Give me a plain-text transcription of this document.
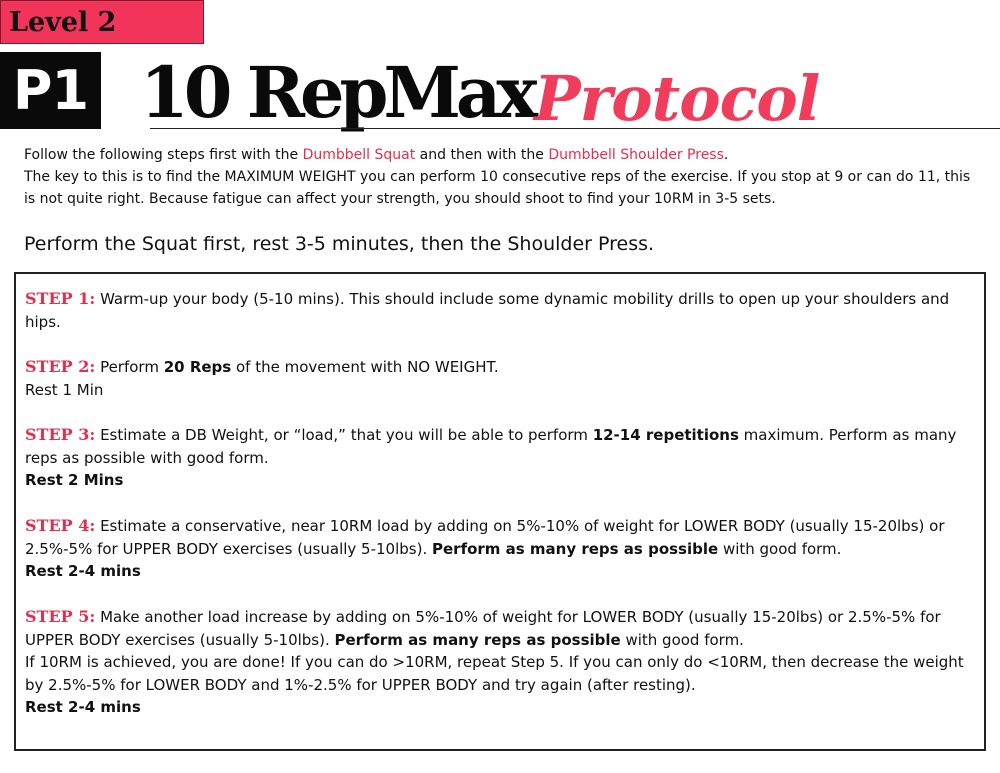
Level 2
P1 10 RepMax Protocol
Follow the following steps first with the Dumbbell Squat and then with the Dumbbell Shoulder Press.
The key to this is to find the MAXIMUM WEIGHT you can perform 10 consecutive reps of the exercise. If you stop at 9 or can do 11, this is not quite right. Because fatigue can affect your strength, you should shoot to find your 10RM in 3-5 sets.
Perform the Squat first, rest 3-5 minutes, then the Shoulder Press.
STEP 1: Warm-up your body (5-10 mins). This should include some dynamic mobility drills to open up your shoulders and hips.
STEP 2: Perform 20 Reps of the movement with NO WEIGHT.
Rest 1 Min
STEP 3: Estimate a DB Weight, or “load,” that you will be able to perform 12-14 repetitions maximum. Perform as many reps as possible with good form.
Rest 2 Mins
STEP 4: Estimate a conservative, near 10RM load by adding on 5%-10% of weight for LOWER BODY (usually 15-20lbs) or 2.5%-5% for UPPER BODY exercises (usually 5-10lbs). Perform as many reps as possible with good form.
Rest 2-4 mins
STEP 5: Make another load increase by adding on 5%-10% of weight for LOWER BODY (usually 15-20lbs) or 2.5%-5% for UPPER BODY exercises (usually 5-10lbs). Perform as many reps as possible with good form.
If 10RM is achieved, you are done! If you can do >10RM, repeat Step 5. If you can only do <10RM, then decrease the weight by 2.5%-5% for LOWER BODY and 1%-2.5% for UPPER BODY and try again (after resting).
Rest 2-4 mins
